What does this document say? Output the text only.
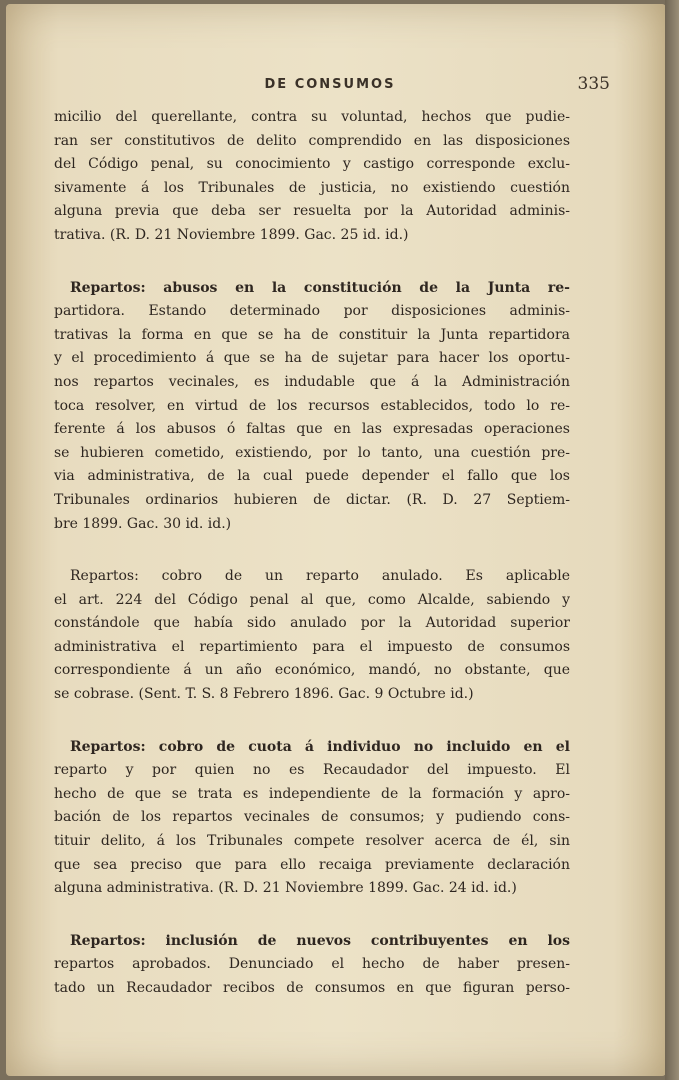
DE CONSUMOS	335
micilio del querellante, contra su voluntad, hechos que pudie-
ran ser constitutivos de delito comprendido en las disposiciones
del Código penal, su conocimiento y castigo corresponde exclu-
sivamente á los Tribunales de justicia, no existiendo cuestión
alguna previa que deba ser resuelta por la Autoridad adminis-
trativa. (R. D. 21 Noviembre 1899. Gac. 25 id. id.)
Repartos: abusos en la constitución de la Junta re-
partidora. Estando determinado por disposiciones adminis-
trativas la forma en que se ha de constituir la Junta repartidora
y el procedimiento á que se ha de sujetar para hacer los oportu-
nos repartos vecinales, es indudable que á la Administración
toca resolver, en virtud de los recursos establecidos, todo lo re-
ferente á los abusos ó faltas que en las expresadas operaciones
se hubieren cometido, existiendo, por lo tanto, una cuestión pre-
via administrativa, de la cual puede depender el fallo que los
Tribunales ordinarios hubieren de dictar. (R. D. 27 Septiem-
bre 1899. Gac. 30 id. id.)
Repartos: cobro de un reparto anulado. Es aplicable
el art. 224 del Código penal al que, como Alcalde, sabiendo y
constándole que había sido anulado por la Autoridad superior
administrativa el repartimiento para el impuesto de consumos
correspondiente á un año económico, mandó, no obstante, que
se cobrase. (Sent. T. S. 8 Febrero 1896. Gac. 9 Octubre id.)
Repartos: cobro de cuota á individuo no incluido en el
reparto y por quien no es Recaudador del impuesto. El
hecho de que se trata es independiente de la formación y apro-
bación de los repartos vecinales de consumos; y pudiendo cons-
tituir delito, á los Tribunales compete resolver acerca de él, sin
que sea preciso que para ello recaiga previamente declaración
alguna administrativa. (R. D. 21 Noviembre 1899. Gac. 24 id. id.)
Repartos: inclusión de nuevos contribuyentes en los
repartos aprobados. Denunciado el hecho de haber presen-
tado un Recaudador recibos de consumos en que figuran perso-
